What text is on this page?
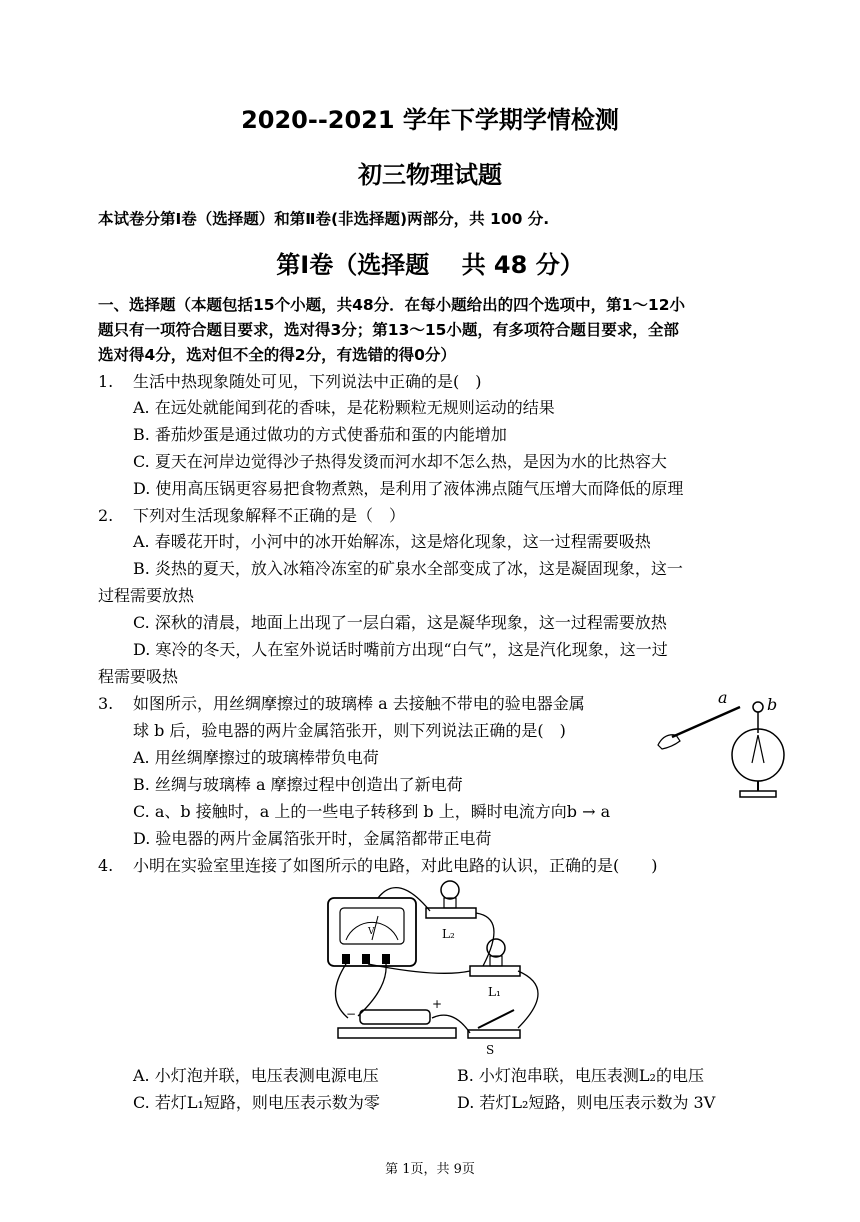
2020--2021 学年下学期学情检测
初三物理试题
本试卷分第Ⅰ卷（选择题）和第Ⅱ卷(非选择题)两部分，共 100 分.
第Ⅰ卷（选择题　 共 48 分）
一、选择题（本题包括15个小题，共48分．在每小题给出的四个选项中，第1～12小
题只有一项符合题目要求，选对得3分；第13～15小题，有多项符合题目要求，全部
选对得4分，选对但不全的得2分，有选错的得0分）
1. 生活中热现象随处可见，下列说法中正确的是(　)
A. 在远处就能闻到花的香味，是花粉颗粒无规则运动的结果
B. 番茄炒蛋是通过做功的方式使番茄和蛋的内能增加
C. 夏天在河岸边觉得沙子热得发烫而河水却不怎么热，是因为水的比热容大
D. 使用高压锅更容易把食物煮熟，是利用了液体沸点随气压增大而降低的原理
2. 下列对生活现象解释不正确的是（　）
A. 春暖花开时，小河中的冰开始解冻，这是熔化现象，这一过程需要吸热
B. 炎热的夏天，放入冰箱冷冻室的矿泉水全部变成了冰，这是凝固现象，这一
过程需要放热
C. 深秋的清晨，地面上出现了一层白霜，这是凝华现象，这一过程需要放热
D. 寒冷的冬天，人在室外说话时嘴前方出现“白气”，这是汽化现象，这一过
程需要吸热
3. 如图所示，用丝绸摩擦过的玻璃棒 a 去接触不带电的验电器金属
球 b 后，验电器的两片金属箔张开，则下列说法正确的是(　)
A. 用丝绸摩擦过的玻璃棒带负电荷
B. 丝绸与玻璃棒 a 摩擦过程中创造出了新电荷
C. a、b 接触时，a 上的一些电子转移到 b 上，瞬时电流方向b → a
D. 验电器的两片金属箔张开时，金属箔都带正电荷
a b
4. 小明在实验室里连接了如图所示的电路，对此电路的认识，正确的是(　　)
V	L₂
L₁
−
+
S
A. 小灯泡并联，电压表测电源电压	B. 小灯泡串联，电压表测L₂的电压
C. 若灯L₁短路，则电压表示数为零	D. 若灯L₂短路，则电压表示数为 3V
第 1页，共 9页
